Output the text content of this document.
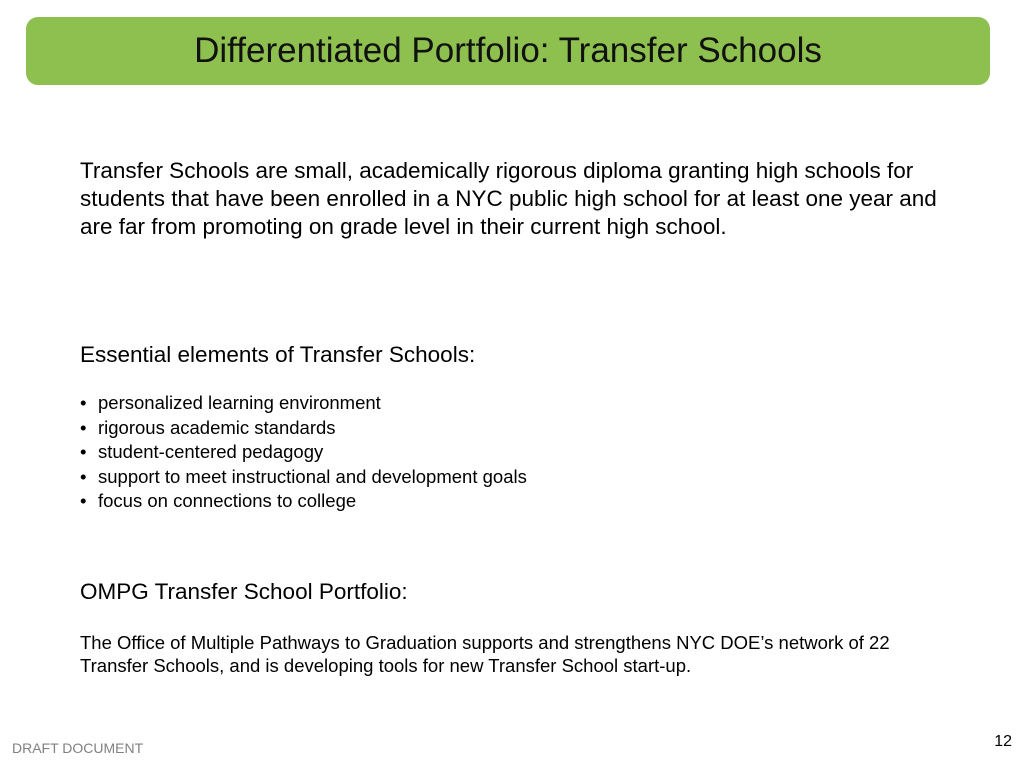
Differentiated Portfolio: Transfer Schools

Transfer Schools are small, academically rigorous diploma granting high schools for students that have been enrolled in a NYC public high school for at least one year and are far from promoting on grade level in their current high school.

Essential elements of Transfer Schools:
• personalized learning environment
• rigorous academic standards
• student-centered pedagogy
• support to meet instructional and development goals
• focus on connections to college
OMPG Transfer School Portfolio:

The Office of Multiple Pathways to Graduation supports and strengthens NYC DOE’s network of 22 Transfer Schools, and is developing tools for new Transfer School start-up.

DRAFT DOCUMENT	12
